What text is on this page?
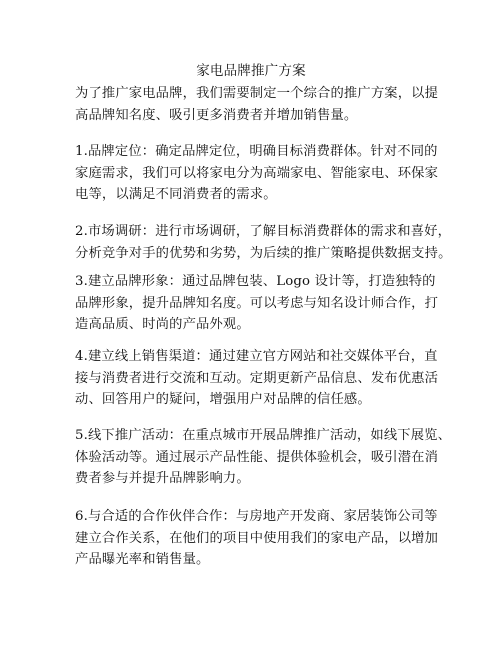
家电品牌推广方案
为了推广家电品牌，我们需要制定一个综合的推广方案，以提
高品牌知名度、吸引更多消费者并增加销售量。
1.品牌定位：确定品牌定位，明确目标消费群体。针对不同的
家庭需求，我们可以将家电分为高端家电、智能家电、环保家
电等，以满足不同消费者的需求。
2.市场调研：进行市场调研，了解目标消费群体的需求和喜好，
分析竞争对手的优势和劣势，为后续的推广策略提供数据支持。
3.建立品牌形象：通过品牌包装、Logo 设计等，打造独特的
品牌形象，提升品牌知名度。可以考虑与知名设计师合作，打
造高品质、时尚的产品外观。
4.建立线上销售渠道：通过建立官方网站和社交媒体平台，直
接与消费者进行交流和互动。定期更新产品信息、发布优惠活
动、回答用户的疑问，增强用户对品牌的信任感。
5.线下推广活动：在重点城市开展品牌推广活动，如线下展览、
体验活动等。通过展示产品性能、提供体验机会，吸引潜在消
费者参与并提升品牌影响力。
6.与合适的合作伙伴合作：与房地产开发商、家居装饰公司等
建立合作关系，在他们的项目中使用我们的家电产品，以增加
产品曝光率和销售量。
